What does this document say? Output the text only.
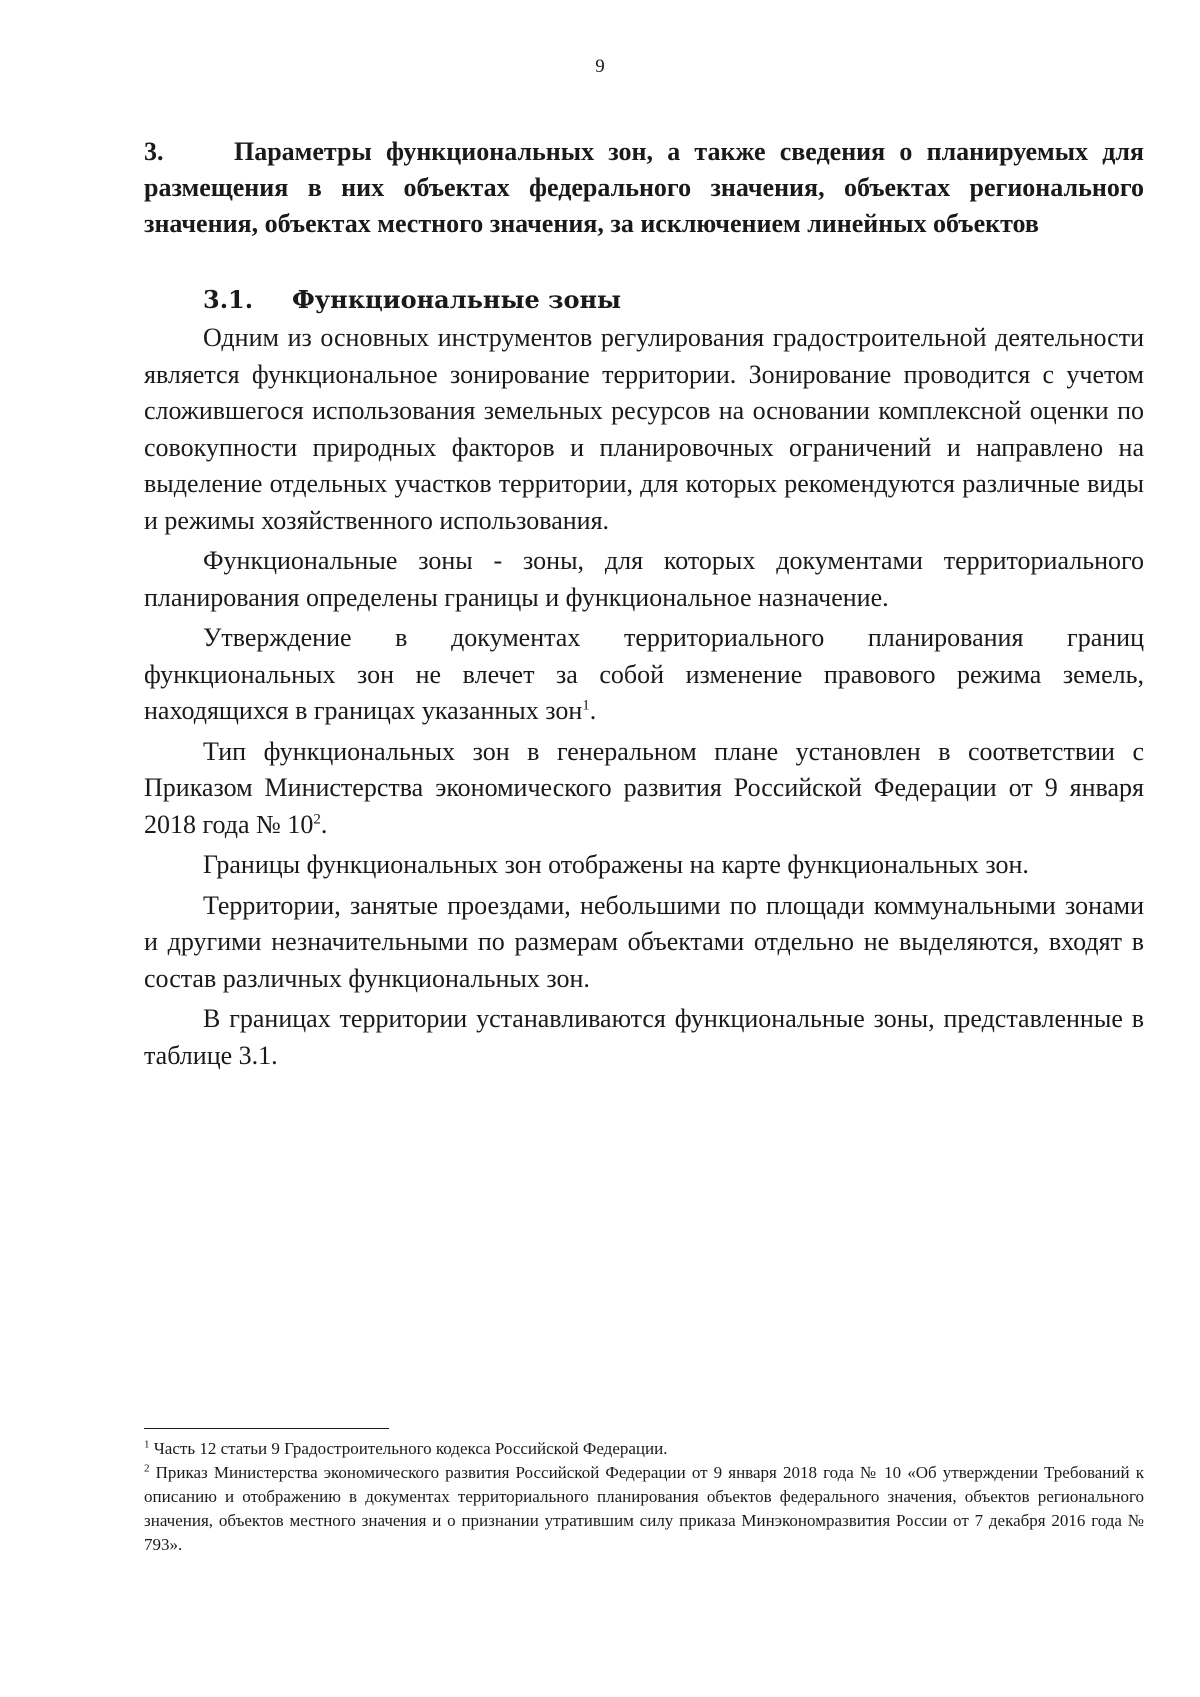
9
3.	Параметры функциональных зон, а также сведения о планируемых для размещения в них объектах федерального значения, объектах регионального значения, объектах местного значения, за исключением линейных объектов
3.1. Функциональные зоны

Одним из основных инструментов регулирования градостроительной деятельности является функциональное зонирование территории. Зонирование проводится с учетом сложившегося использования земельных ресурсов на основании комплексной оценки по совокупности природных факторов и планировочных ограничений и направлено на выделение отдельных участков территории, для которых рекомендуются различные виды и режимы хозяйственного использования.

Функциональные зоны - зоны, для которых документами территориального планирования определены границы и функциональное назначение.

Утверждение в документах территориального планирования границ функциональных зон не влечет за собой изменение правового режима земель, находящихся в границах указанных зон$^1$.

Тип функциональных зон в генеральном плане установлен в соответствии с Приказом Министерства экономического развития Российской Федерации от 9 января 2018 года № $10^2$.

Границы функциональных зон отображены на карте функциональных зон.

Территории, занятые проездами, небольшими по площади коммунальными зонами и другими незначительными по размерам объектами отдельно не выделяются, входят в состав различных функциональных зон.

В границах территории устанавливаются функциональные зоны, представленные в таблице 3.1.

$^1$ Часть 12 статьи 9 Градостроительного кодекса Российской Федерации.

$^2$ Приказ Министерства экономического развития Российской Федерации от 9 января 2018 года № 10 «Об утверждении Требований к описанию и отображению в документах территориального планирования объектов федерального значения, объектов регионального значения, объектов местного значения и о признании утратившим силу приказа Минэкономразвития России от 7 декабря 2016 года № 793».
